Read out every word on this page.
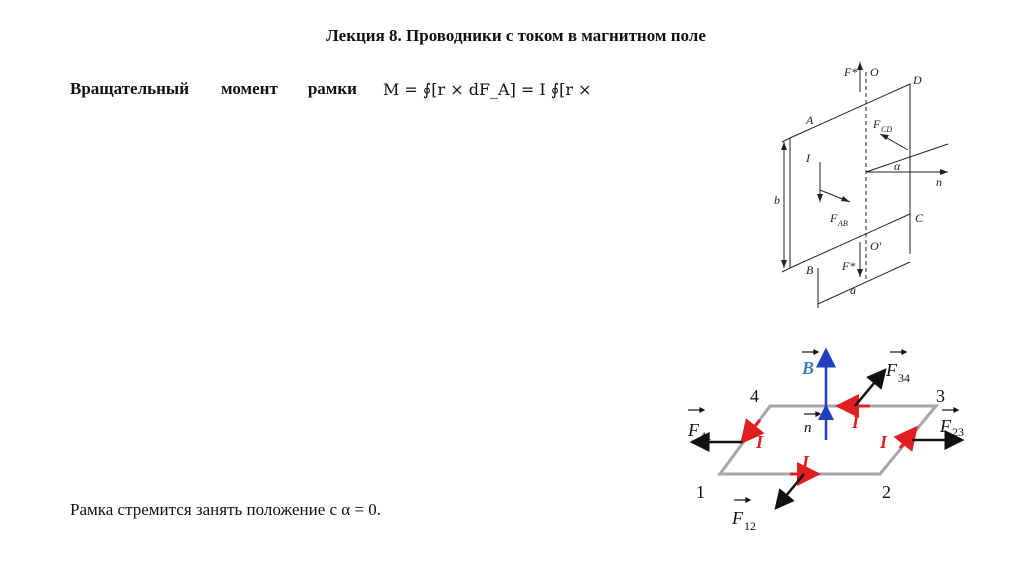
Лекция 8. Проводники с током в магнитном поле
Вращательный момент рамки M = ∮[r × dF_A] = I ∮[r ×
Рамка стремится занять положение с α = 0.
F* O
D
A	F CD
I
α
n
b
F AB	C
O′
B F*
a
B	F 34
4	3
F 41	F 23
n I
I	I
I
1	2
F 12
